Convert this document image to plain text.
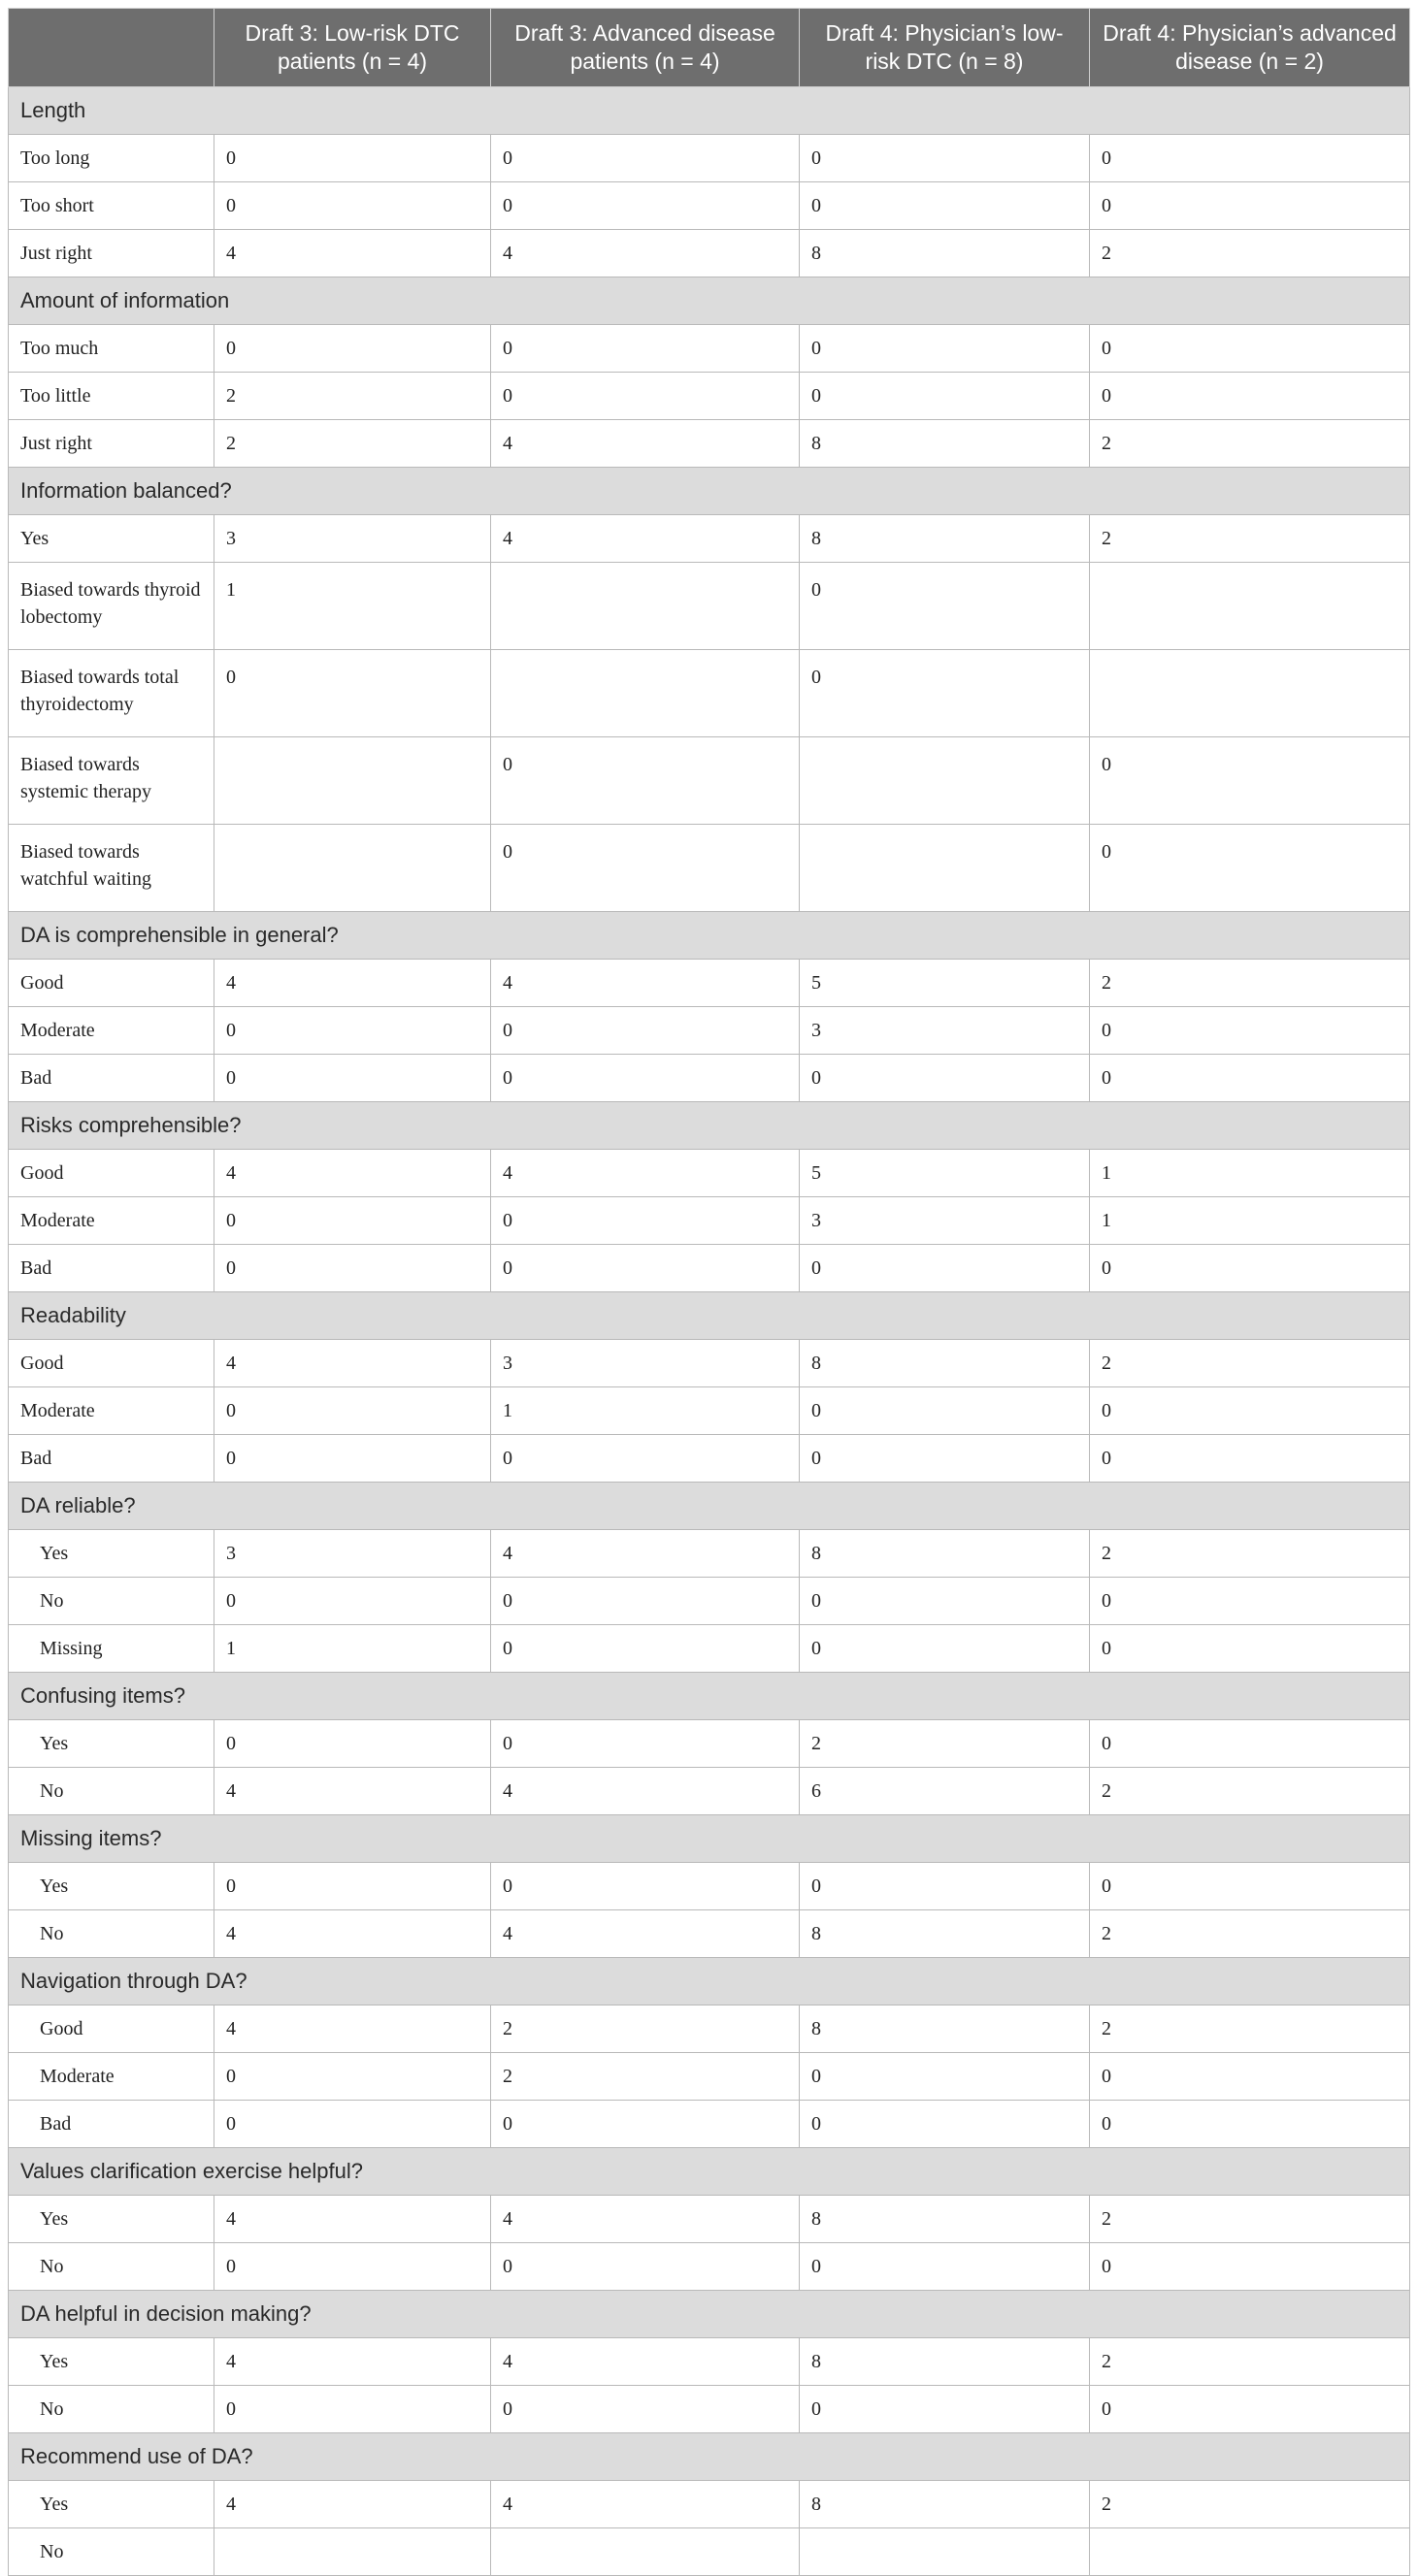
	Draft 3: Low-risk DTC patients (n = 4)	Draft 3: Advanced disease patients (n = 4)	Draft 4: Physician’s low-risk DTC (n = 8)	Draft 4: Physician’s advanced disease (n = 2)
Length				
Too long	0	0	0	0
Too short	0	0	0	0
Just right	4	4	8	2
Amount of information				
Too much	0	0	0	0
Too little	2	0	0	0
Just right	2	4	8	2
Information balanced?				
Yes	3	4	8	2
Biased towards thyroid lobectomy	1		0	
Biased towards total thyroidectomy	0		0	
Biased towards systemic therapy		0		0
Biased towards watchful waiting		0		0
DA is comprehensible in general?				
Good	4	4	5	2
Moderate	0	0	3	0
Bad	0	0	0	0
Risks comprehensible?				
Good	4	4	5	1
Moderate	0	0	3	1
Bad	0	0	0	0
Readability				
Good	4	3	8	2
Moderate	0	1	0	0
Bad	0	0	0	0
DA reliable?				
Yes	3	4	8	2
No	0	0	0	0
Missing	1	0	0	0
Confusing items?				
Yes	0	0	2	0
No	4	4	6	2
Missing items?				
Yes	0	0	0	0
No	4	4	8	2
Navigation through DA?				
Good	4	2	8	2
Moderate	0	2	0	0
Bad	0	0	0	0
Values clarification exercise helpful?				
Yes	4	4	8	2
No	0	0	0	0
DA helpful in decision making?				
Yes	4	4	8	2
No	0	0	0	0
Recommend use of DA?				
Yes	4	4	8	2
No				
